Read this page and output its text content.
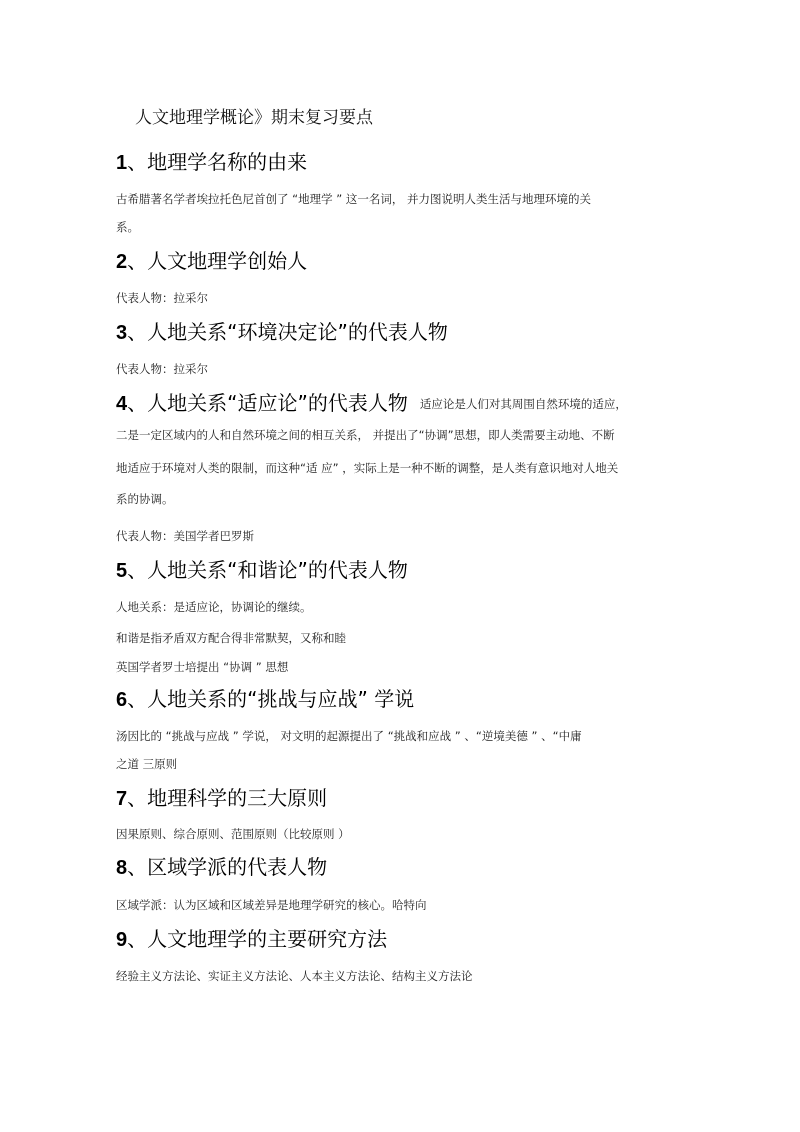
人文地理学概论》期末复习要点
1、地理学名称的由来
古希腊著名学者埃拉托色尼首创了 “地理学 ” 这一名词， 并力图说明人类生活与地理环境的关
系。
2、人文地理学创始人
代表人物：拉采尔
3、人地关系“环境决定论”的代表人物
代表人物：拉采尔
4、人地关系“适应论”的代表人物 适应论是人们对其周围自然环境的适应，
二是一定区域内的人和自然环境之间的相互关系， 并提出了“协调”思想，即人类需要主动地、不断
地适应于环境对人类的限制，而这种“适 应” ，实际上是一种不断的调整，是人类有意识地对人地关
系的协调。
代表人物：美国学者巴罗斯
5、人地关系“和谐论”的代表人物
人地关系：是适应论，协调论的继续。
和谐是指矛盾双方配合得非常默契，又称和睦
英国学者罗士培提出 “协调 ” 思想
6、人地关系的“挑战与应战” 学说
汤因比的 “挑战与应战 ” 学说， 对文明的起源提出了 “挑战和应战 ” 、“逆境美德 ” 、“中庸
之道 三原则
7、地理科学的三大原则
因果原则、综合原则、范围原则（比较原则 ）
8、区域学派的代表人物
区域学派：认为区域和区域差异是地理学研究的核心。哈特向
9、人文地理学的主要研究方法
经验主义方法论、实证主义方法论、人本主义方法论、结构主义方法论
